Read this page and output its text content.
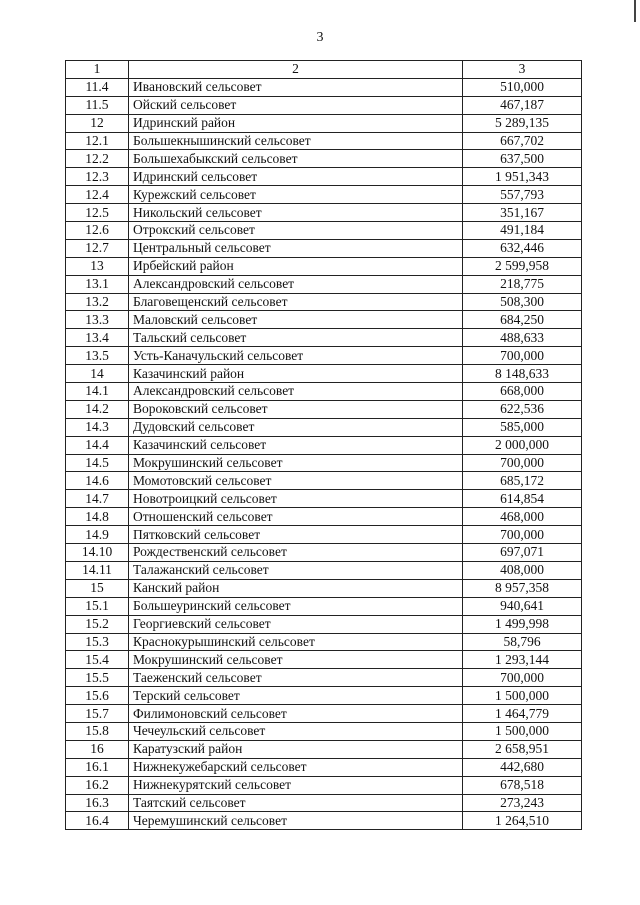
3
1	2	3
11.4	Ивановский сельсовет	510,000
11.5	Ойский сельсовет	467,187
12	Идринский район	5 289,135
12.1	Большекнышинский сельсовет	667,702
12.2	Большехабыкский сельсовет	637,500
12.3	Идринский сельсовет	1 951,343
12.4	Курежский сельсовет	557,793
12.5	Никольский сельсовет	351,167
12.6	Отрокский сельсовет	491,184
12.7	Центральный сельсовет	632,446
13	Ирбейский район	2 599,958
13.1	Александровский сельсовет	218,775
13.2	Благовещенский сельсовет	508,300
13.3	Маловский сельсовет	684,250
13.4	Тальский сельсовет	488,633
13.5	Усть-Каначульский сельсовет	700,000
14	Казачинский район	8 148,633
14.1	Александровский сельсовет	668,000
14.2	Вороковский сельсовет	622,536
14.3	Дудовский сельсовет	585,000
14.4	Казачинский сельсовет	2 000,000
14.5	Мокрушинский сельсовет	700,000
14.6	Момотовский сельсовет	685,172
14.7	Новотроицкий сельсовет	614,854
14.8	Отношенский сельсовет	468,000
14.9	Пятковский сельсовет	700,000
14.10	Рождественский сельсовет	697,071
14.11	Талажанский сельсовет	408,000
15	Канский район	8 957,358
15.1	Большеуринский сельсовет	940,641
15.2	Георгиевский сельсовет	1 499,998
15.3	Краснокурышинский сельсовет	58,796
15.4	Мокрушинский сельсовет	1 293,144
15.5	Таеженский сельсовет	700,000
15.6	Терский сельсовет	1 500,000
15.7	Филимоновский сельсовет	1 464,779
15.8	Чечеульский сельсовет	1 500,000
16	Каратузский район	2 658,951
16.1	Нижнекужебарский сельсовет	442,680
16.2	Нижнекурятский сельсовет	678,518
16.3	Таятский сельсовет	273,243
16.4	Черемушинский сельсовет	1 264,510
